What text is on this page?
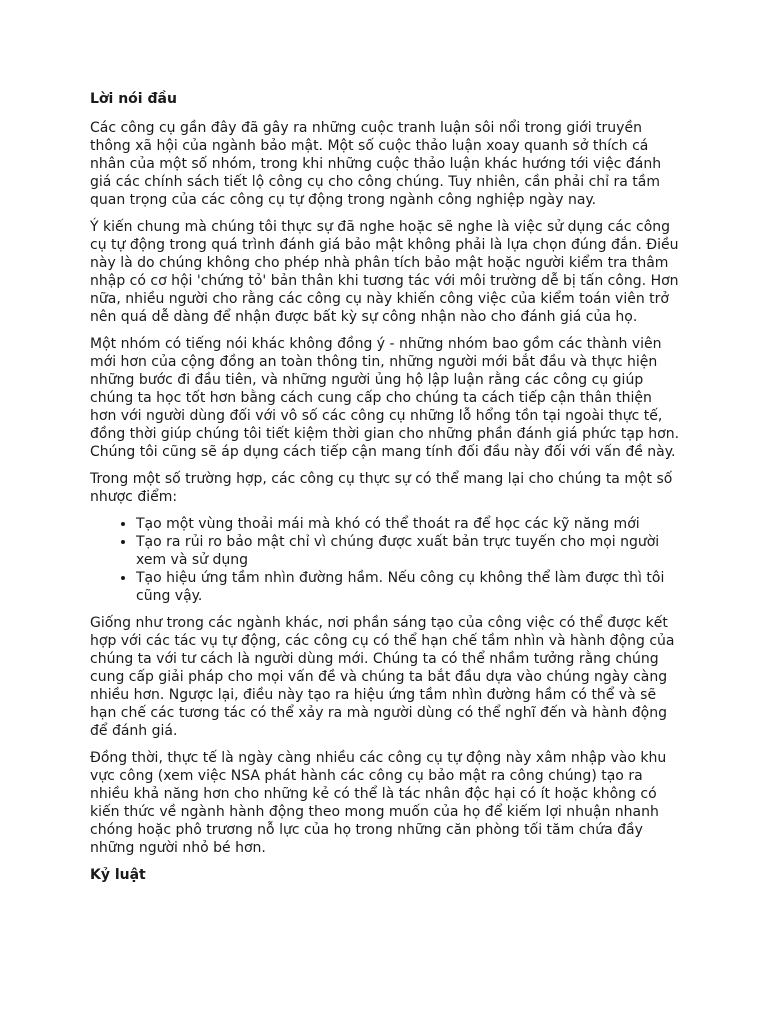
Lời nói đầu

Các công cụ gần đây đã gây ra những cuộc tranh luận sôi nổi trong giới truyền thông xã hội của ngành bảo mật. Một số cuộc thảo luận xoay quanh sở thích cá nhân của một số nhóm, trong khi những cuộc thảo luận khác hướng tới việc đánh giá các chính sách tiết lộ công cụ cho công chúng. Tuy nhiên, cần phải chỉ ra tầm quan trọng của các công cụ tự động trong ngành công nghiệp ngày nay.

Ý kiến chung mà chúng tôi thực sự đã nghe hoặc sẽ nghe là việc sử dụng các công cụ tự động trong quá trình đánh giá bảo mật không phải là lựa chọn đúng đắn. Điều này là do chúng không cho phép nhà phân tích bảo mật hoặc người kiểm tra thâm nhập có cơ hội 'chứng tỏ' bản thân khi tương tác với môi trường dễ bị tấn công. Hơn nữa, nhiều người cho rằng các công cụ này khiến công việc của kiểm toán viên trở nên quá dễ dàng để nhận được bất kỳ sự công nhận nào cho đánh giá của họ.

Một nhóm có tiếng nói khác không đồng ý - những nhóm bao gồm các thành viên mới hơn của cộng đồng an toàn thông tin, những người mới bắt đầu và thực hiện những bước đi đầu tiên, và những người ủng hộ lập luận rằng các công cụ giúp chúng ta học tốt hơn bằng cách cung cấp cho chúng ta cách tiếp cận thân thiện hơn với người dùng đối với vô số các công cụ những lỗ hổng tồn tại ngoài thực tế, đồng thời giúp chúng tôi tiết kiệm thời gian cho những phần đánh giá phức tạp hơn. Chúng tôi cũng sẽ áp dụng cách tiếp cận mang tính đối đầu này đối với vấn đề này.

Trong một số trường hợp, các công cụ thực sự có thể mang lại cho chúng ta một số nhược điểm:

• Tạo một vùng thoải mái mà khó có thể thoát ra để học các kỹ năng mới
• Tạo ra rủi ro bảo mật chỉ vì chúng được xuất bản trực tuyến cho mọi người xem và sử dụng
• Tạo hiệu ứng tầm nhìn đường hầm. Nếu công cụ không thể làm được thì tôi cũng vậy.

Giống như trong các ngành khác, nơi phần sáng tạo của công việc có thể được kết hợp với các tác vụ tự động, các công cụ có thể hạn chế tầm nhìn và hành động của chúng ta với tư cách là người dùng mới. Chúng ta có thể nhầm tưởng rằng chúng cung cấp giải pháp cho mọi vấn đề và chúng ta bắt đầu dựa vào chúng ngày càng nhiều hơn. Ngược lại, điều này tạo ra hiệu ứng tầm nhìn đường hầm có thể và sẽ hạn chế các tương tác có thể xảy ra mà người dùng có thể nghĩ đến và hành động để đánh giá.

Đồng thời, thực tế là ngày càng nhiều các công cụ tự động này xâm nhập vào khu vực công (xem việc NSA phát hành các công cụ bảo mật ra công chúng) tạo ra nhiều khả năng hơn cho những kẻ có thể là tác nhân độc hại có ít hoặc không có kiến thức về ngành hành động theo mong muốn của họ để kiếm lợi nhuận nhanh chóng hoặc phô trương nỗ lực của họ trong những căn phòng tối tăm chứa đầy những người nhỏ bé hơn.

Kỷ luật
